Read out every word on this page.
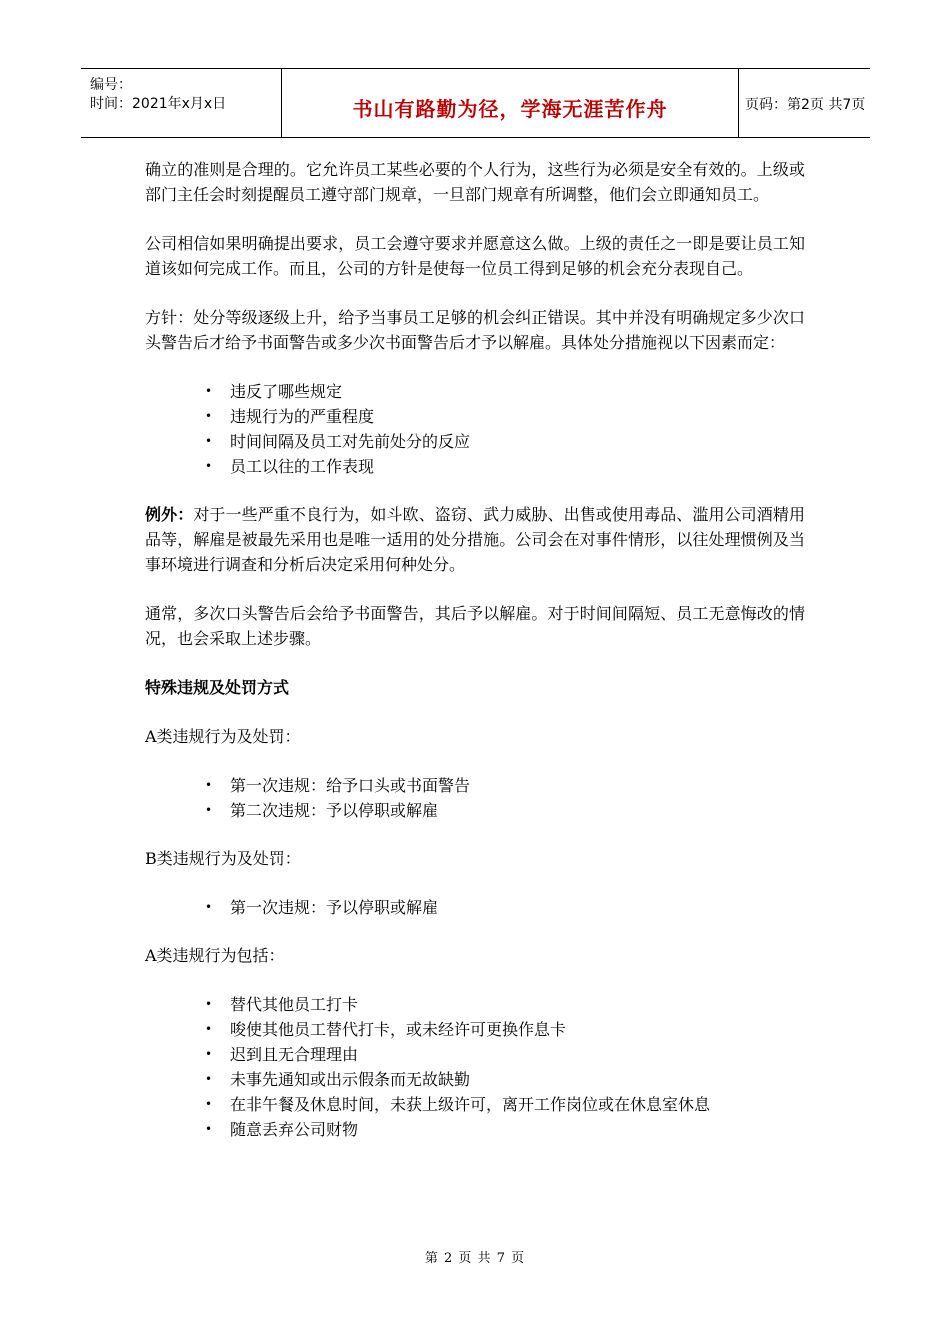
编号：
时间：2021年x月x日	书山有路勤为径，学海无涯苦作舟	页码：第2页 共7页

确立的准则是合理的。它允许员工某些必要的个人行为，这些行为必须是安全有效的。上级或部门主任会时刻提醒员工遵守部门规章，一旦部门规章有所调整，他们会立即通知员工。

公司相信如果明确提出要求，员工会遵守要求并愿意这么做。上级的责任之一即是要让员工知道该如何完成工作。而且，公司的方针是使每一位员工得到足够的机会充分表现自己。

方针：处分等级逐级上升，给予当事员工足够的机会纠正错误。其中并没有明确规定多少次口头警告后才给予书面警告或多少次书面警告后才予以解雇。具体处分措施视以下因素而定：

• 违反了哪些规定
• 违规行为的严重程度
• 时间间隔及员工对先前处分的反应
• 员工以往的工作表现

例外：对于一些严重不良行为，如斗欧、盗窃、武力威胁、出售或使用毒品、滥用公司酒精用品等，解雇是被最先采用也是唯一适用的处分措施。公司会在对事件情形，以往处理惯例及当事环境进行调查和分析后决定采用何种处分。

通常，多次口头警告后会给予书面警告，其后予以解雇。对于时间间隔短、员工无意悔改的情况，也会采取上述步骤。

特殊违规及处罚方式

A类违规行为及处罚：

• 第一次违规：给予口头或书面警告
• 第二次违规：予以停职或解雇

B类违规行为及处罚：

• 第一次违规：予以停职或解雇

A类违规行为包括：

• 替代其他员工打卡
• 唆使其他员工替代打卡，或未经许可更换作息卡
• 迟到且无合理理由
• 未事先通知或出示假条而无故缺勤
• 在非午餐及休息时间，未获上级许可，离开工作岗位或在休息室休息
• 随意丢弃公司财物
第 2 页 共 7 页
